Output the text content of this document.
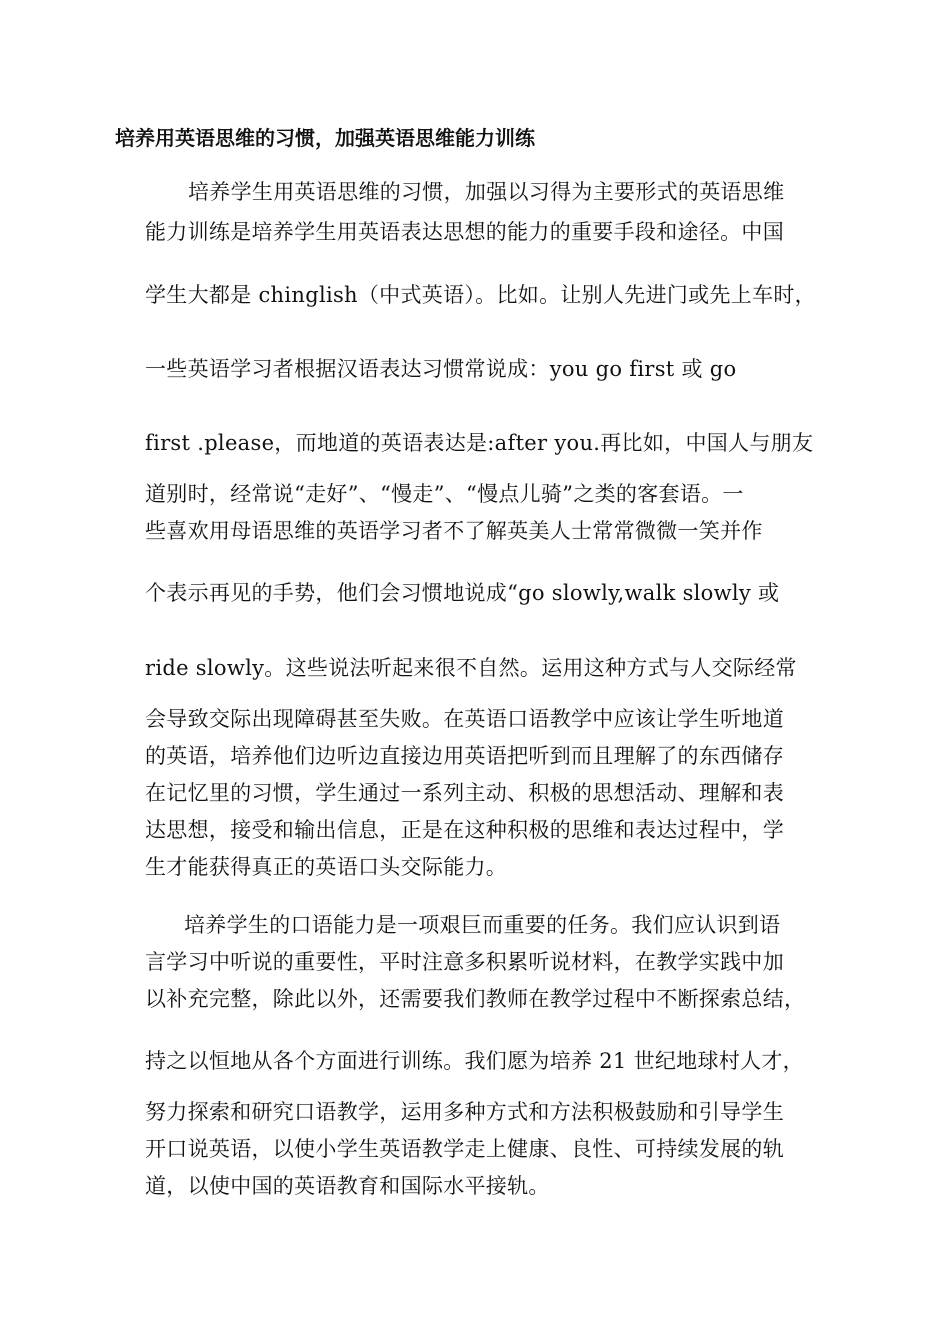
培养用英语思维的习惯，加强英语思维能力训练
培养学生用英语思维的习惯，加强以习得为主要形式的英语思维
能力训练是培养学生用英语表达思想的能力的重要手段和途径。中国
学生大都是 chinglish（中式英语）。比如。让别人先进门或先上车时，
一些英语学习者根据汉语表达习惯常说成：you go first 或 go
first .please，而地道的英语表达是:after you.再比如，中国人与朋友
道别时，经常说“走好”、“慢走”、“慢点儿骑”之类的客套语。一
些喜欢用母语思维的英语学习者不了解英美人士常常微微一笑并作
个表示再见的手势，他们会习惯地说成“go slowly,walk slowly 或
ride slowly。这些说法听起来很不自然。运用这种方式与人交际经常
会导致交际出现障碍甚至失败。在英语口语教学中应该让学生听地道
的英语，培养他们边听边直接边用英语把听到而且理解了的东西储存
在记忆里的习惯，学生通过一系列主动、积极的思想活动、理解和表
达思想，接受和输出信息，正是在这种积极的思维和表达过程中，学
生才能获得真正的英语口头交际能力。
培养学生的口语能力是一项艰巨而重要的任务。我们应认识到语
言学习中听说的重要性，平时注意多积累听说材料，在教学实践中加
以补充完整，除此以外，还需要我们教师在教学过程中不断探索总结，
持之以恒地从各个方面进行训练。我们愿为培养 21 世纪地球村人才，
努力探索和研究口语教学，运用多种方式和方法积极鼓励和引导学生
开口说英语，以使小学生英语教学走上健康、良性、可持续发展的轨
道，以使中国的英语教育和国际水平接轨。
